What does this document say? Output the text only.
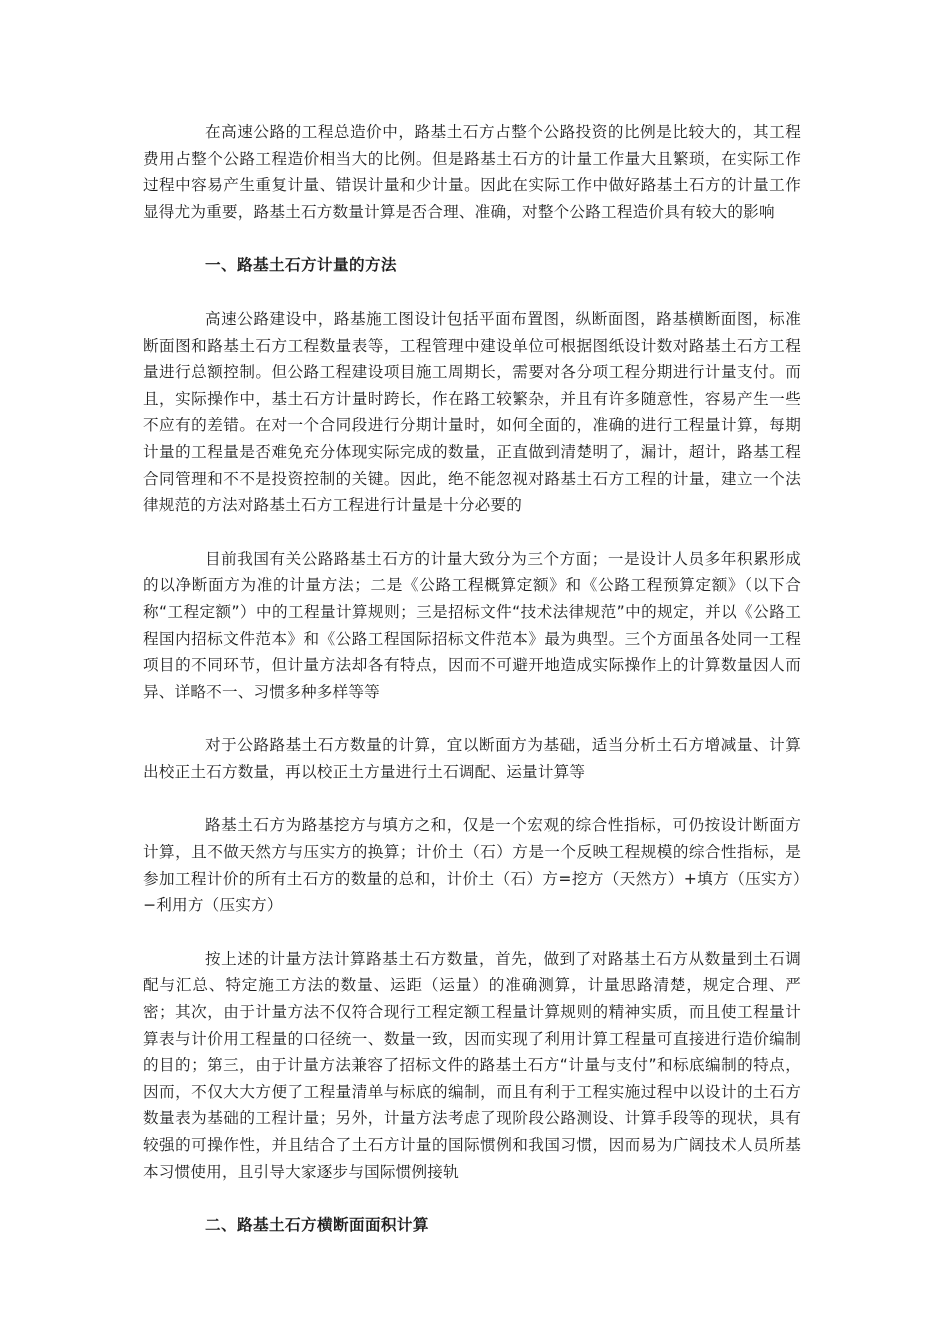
在高速公路的工程总造价中，路基土石方占整个公路投资的比例是比较大的，其工程费用占整个公路工程造价相当大的比例。但是路基土石方的计量工作量大且繁琐，在实际工作过程中容易产生重复计量、错误计量和少计量。因此在实际工作中做好路基土石方的计量工作显得尤为重要，路基土石方数量计算是否合理、准确，对整个公路工程造价具有较大的影响

一、路基土石方计量的方法

高速公路建设中，路基施工图设计包括平面布置图，纵断面图，路基横断面图，标准断面图和路基土石方工程数量表等，工程管理中建设单位可根据图纸设计数对路基土石方工程量进行总额控制。但公路工程建设项目施工周期长，需要对各分项工程分期进行计量支付。而且，实际操作中，基土石方计量时跨长，作在路工较繁杂，并且有许多随意性，容易产生一些不应有的差错。在对一个合同段进行分期计量时，如何全面的，准确的进行工程量计算，每期计量的工程量是否难免充分体现实际完成的数量，正直做到清楚明了，漏计，超计，路基工程合同管理和不不是投资控制的关键。因此，绝不能忽视对路基土石方工程的计量，建立一个法律规范的方法对路基土石方工程进行计量是十分必要的

目前我国有关公路路基土石方的计量大致分为三个方面；一是设计人员多年积累形成的以净断面方为准的计量方法；二是《公路工程概算定额》和《公路工程预算定额》（以下合称“工程定额”）中的工程量计算规则；三是招标文件“技术法律规范”中的规定，并以《公路工程国内招标文件范本》和《公路工程国际招标文件范本》最为典型。三个方面虽各处同一工程项目的不同环节，但计量方法却各有特点，因而不可避开地造成实际操作上的计算数量因人而异、详略不一、习惯多种多样等等

对于公路路基土石方数量的计算，宜以断面方为基础，适当分析土石方增减量、计算出校正土石方数量，再以校正土方量进行土石调配、运量计算等

路基土石方为路基挖方与填方之和，仅是一个宏观的综合性指标，可仍按设计断面方计算，且不做天然方与压实方的换算；计价土（石）方是一个反映工程规模的综合性指标，是参加工程计价的所有土石方的数量的总和，计价土（石）方=挖方（天然方）+填方（压实方）−利用方（压实方）

按上述的计量方法计算路基土石方数量，首先，做到了对路基土石方从数量到土石调配与汇总、特定施工方法的数量、运距（运量）的准确测算，计量思路清楚，规定合理、严密；其次，由于计量方法不仅符合现行工程定额工程量计算规则的精神实质，而且使工程量计算表与计价用工程量的口径统一、数量一致，因而实现了利用计算工程量可直接进行造价编制的目的；第三，由于计量方法兼容了招标文件的路基土石方“计量与支付”和标底编制的特点，因而，不仅大大方便了工程量清单与标底的编制，而且有利于工程实施过程中以设计的土石方数量表为基础的工程计量；另外，计量方法考虑了现阶段公路测设、计算手段等的现状，具有较强的可操作性，并且结合了土石方计量的国际惯例和我国习惯，因而易为广阔技术人员所基本习惯使用，且引导大家逐步与国际惯例接轨

二、路基土石方横断面面积计算
